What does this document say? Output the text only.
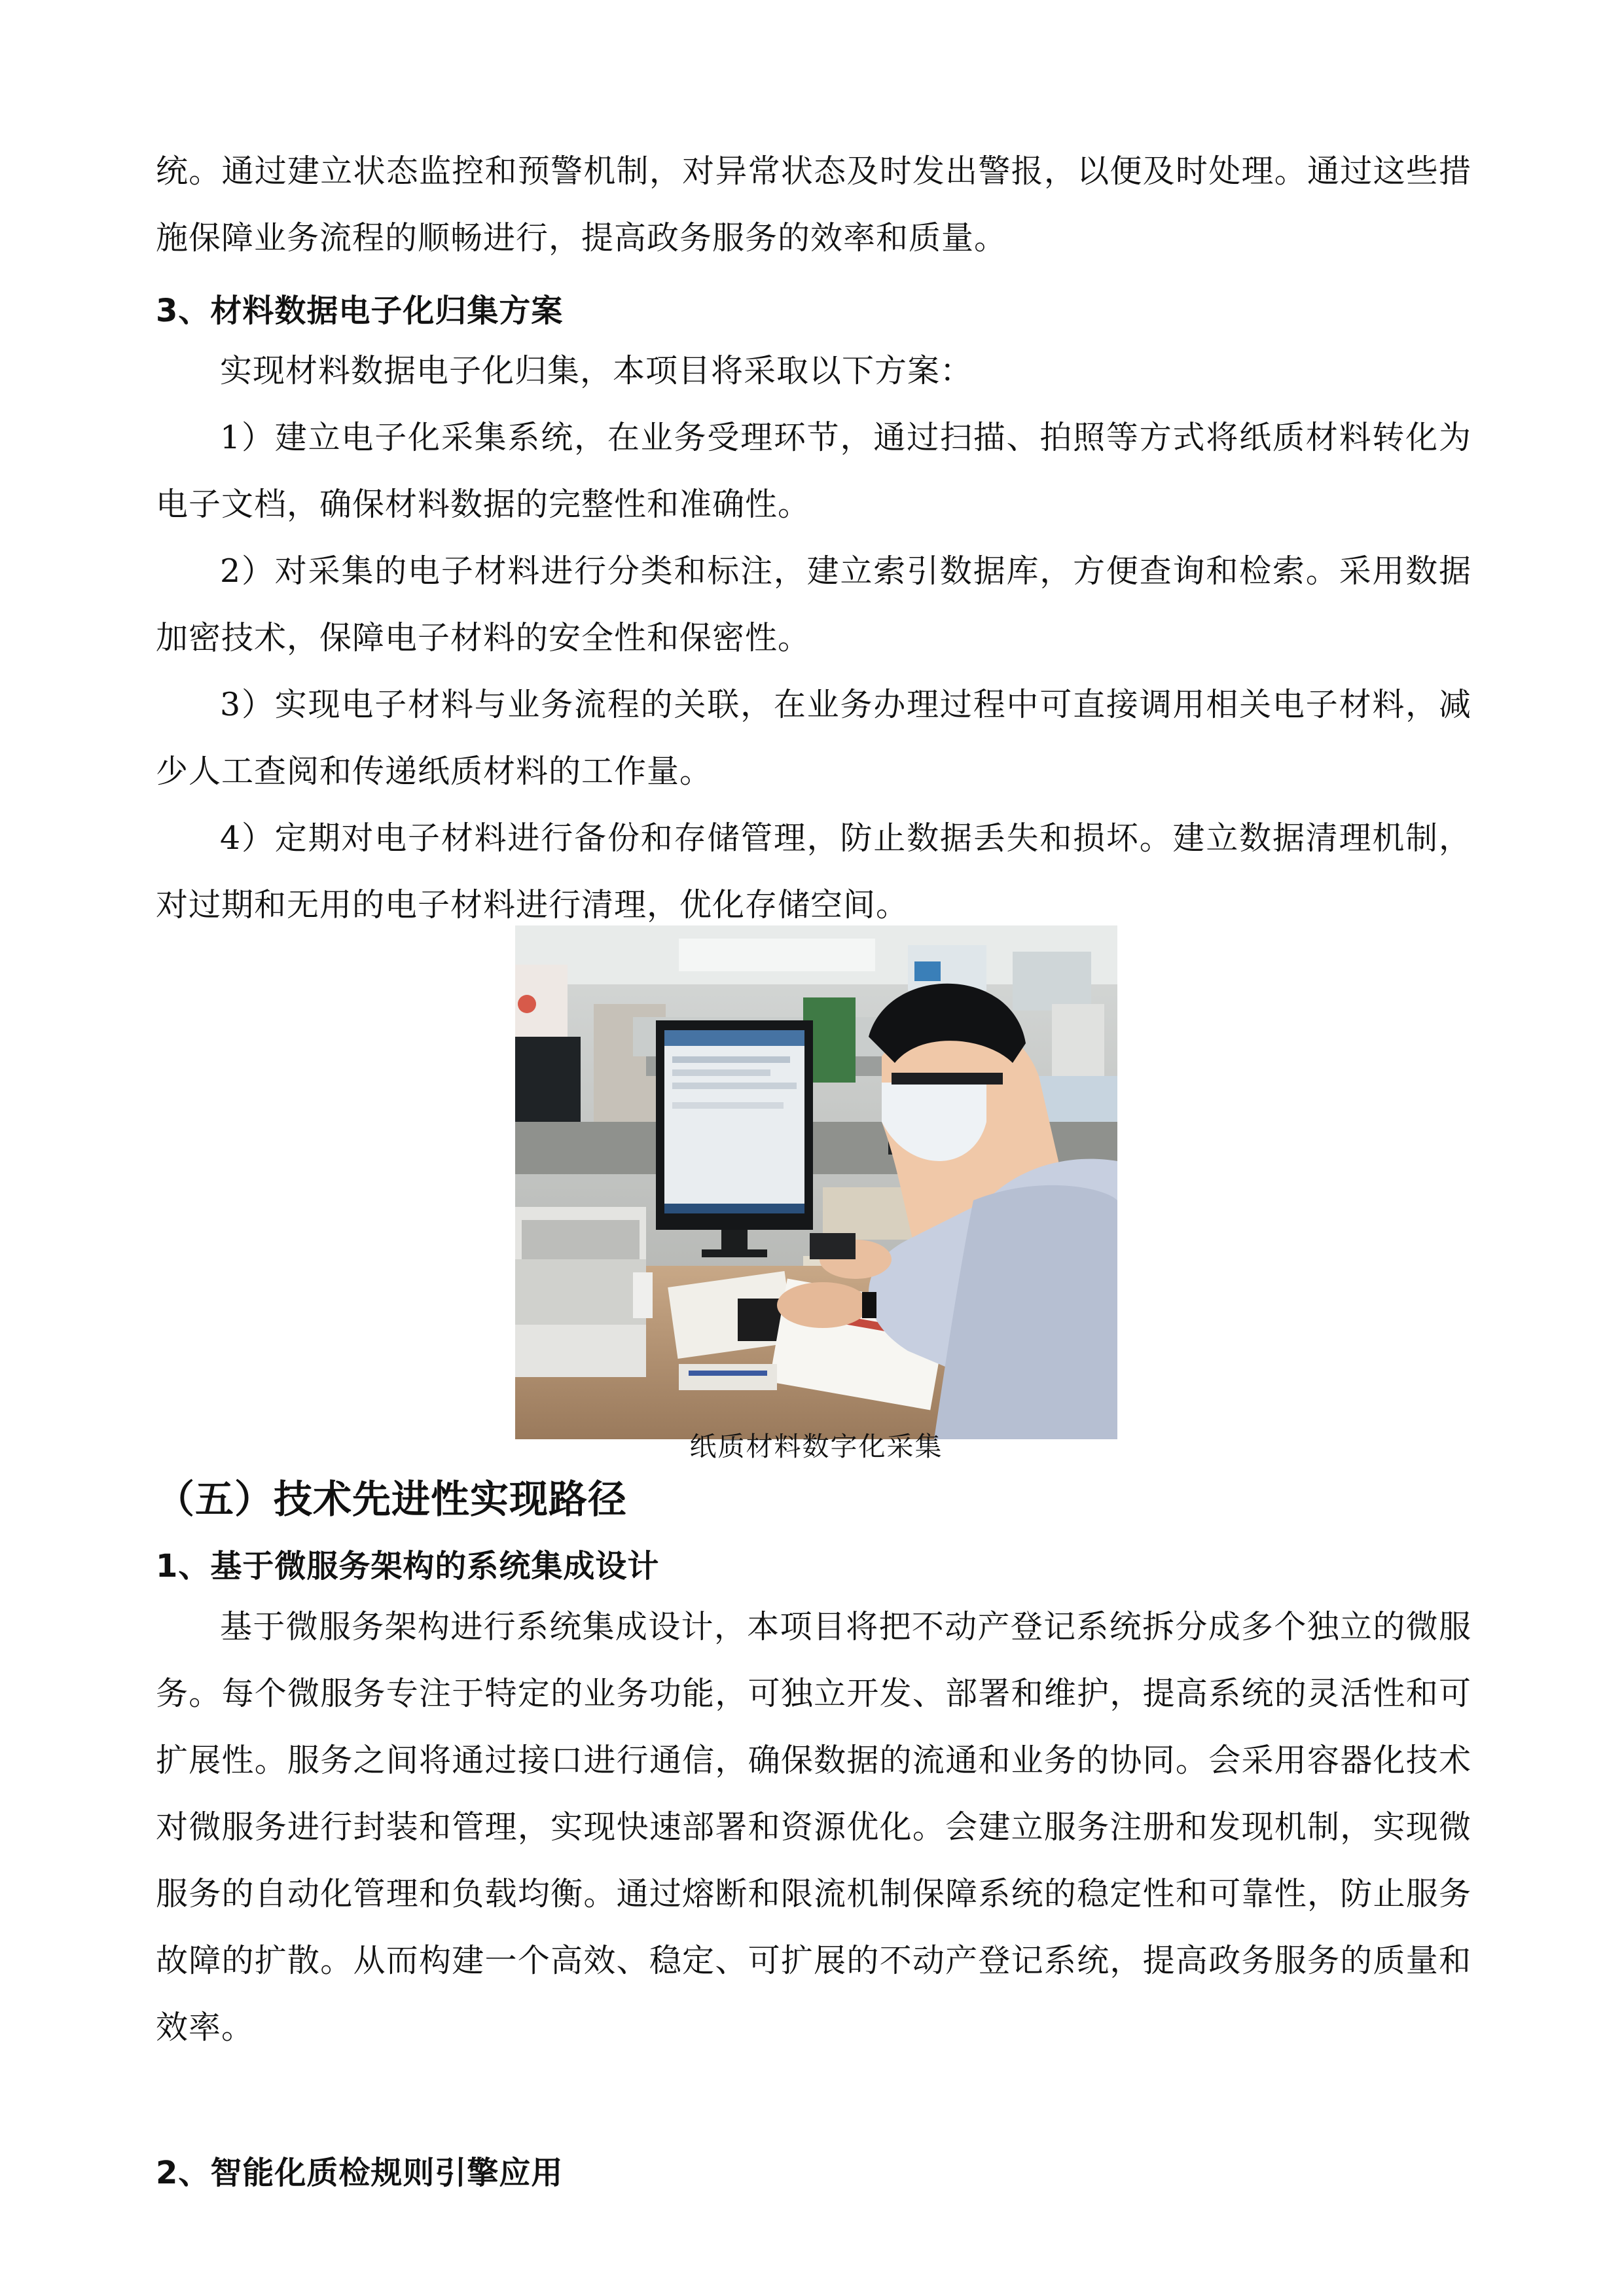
统。通过建立状态监控和预警机制，对异常状态及时发出警报，以便及时处理。通过这些措施保障业务流程的顺畅进行，提高政务服务的效率和质量。

3、材料数据电子化归集方案

实现材料数据电子化归集，本项目将采取以下方案：

1）建立电子化采集系统，在业务受理环节，通过扫描、拍照等方式将纸质材料转化为电子文档，确保材料数据的完整性和准确性。

2）对采集的电子材料进行分类和标注，建立索引数据库，方便查询和检索。采用数据加密技术，保障电子材料的安全性和保密性。

3）实现电子材料与业务流程的关联，在业务办理过程中可直接调用相关电子材料，减少人工查阅和传递纸质材料的工作量。

4）定期对电子材料进行备份和存储管理，防止数据丢失和损坏。建立数据清理机制，对过期和无用的电子材料进行清理，优化存储空间。

纸质材料数字化采集

（五）技术先进性实现路径
1、基于微服务架构的系统集成设计

基于微服务架构进行系统集成设计，本项目将把不动产登记系统拆分成多个独立的微服务。每个微服务专注于特定的业务功能，可独立开发、部署和维护，提高系统的灵活性和可扩展性。服务之间将通过接口进行通信，确保数据的流通和业务的协同。会采用容器化技术对微服务进行封装和管理，实现快速部署和资源优化。会建立服务注册和发现机制，实现微服务的自动化管理和负载均衡。通过熔断和限流机制保障系统的稳定性和可靠性，防止服务故障的扩散。从而构建一个高效、稳定、可扩展的不动产登记系统，提高政务服务的质量和效率。

2、智能化质检规则引擎应用
